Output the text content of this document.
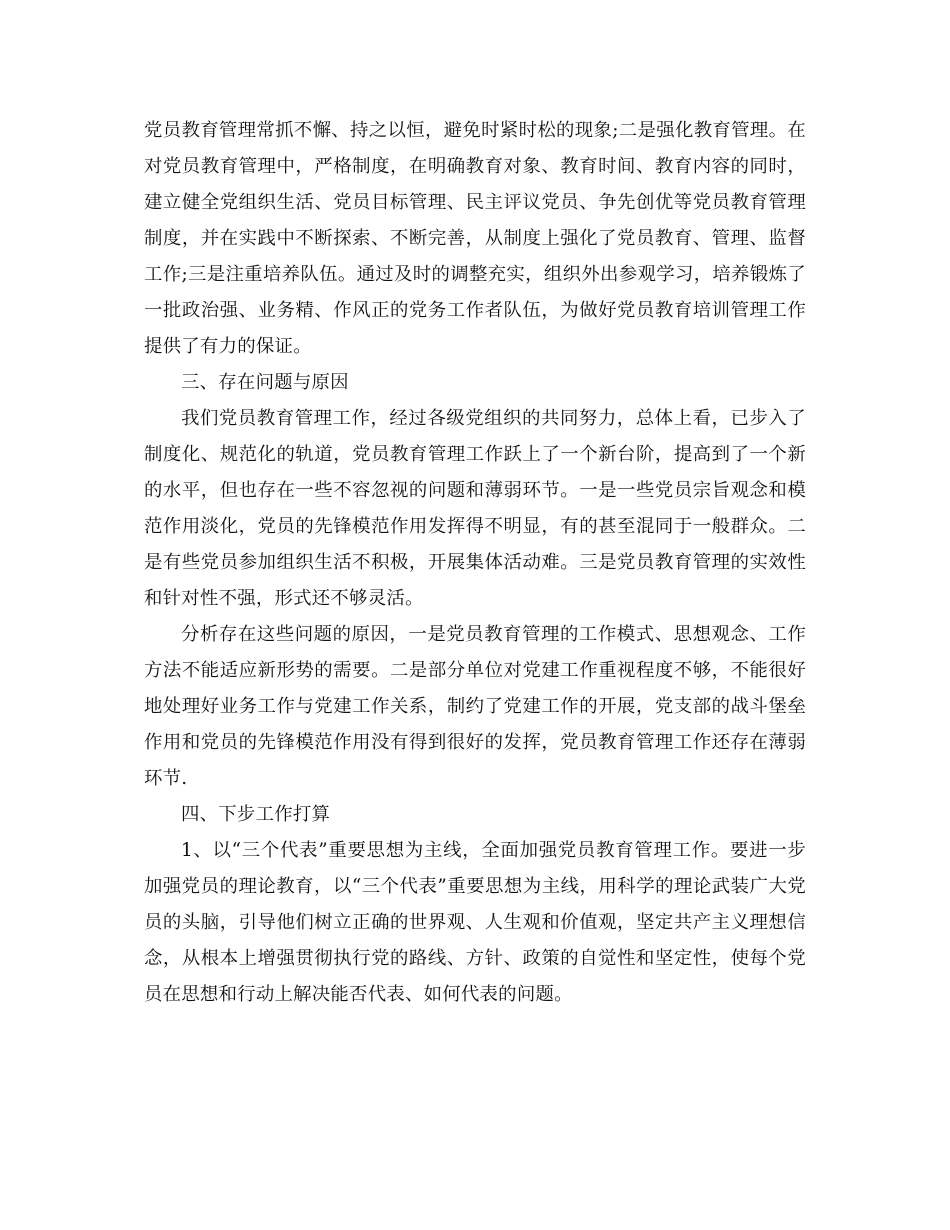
党员教育管理常抓不懈、持之以恒，避免时紧时松的现象;二是强化教育管理。在对党员教育管理中，严格制度，在明确教育对象、教育时间、教育内容的同时，建立健全党组织生活、党员目标管理、民主评议党员、争先创优等党员教育管理制度，并在实践中不断探索、不断完善，从制度上强化了党员教育、管理、监督工作;三是注重培养队伍。通过及时的调整充实，组织外出参观学习，培养锻炼了一批政治强、业务精、作风正的党务工作者队伍，为做好党员教育培训管理工作提供了有力的保证。

三、存在问题与原因

我们党员教育管理工作，经过各级党组织的共同努力，总体上看，已步入了制度化、规范化的轨道，党员教育管理工作跃上了一个新台阶，提高到了一个新的水平，但也存在一些不容忽视的问题和薄弱环节。一是一些党员宗旨观念和模范作用淡化，党员的先锋模范作用发挥得不明显，有的甚至混同于一般群众。二是有些党员参加组织生活不积极，开展集体活动难。三是党员教育管理的实效性和针对性不强，形式还不够灵活。

分析存在这些问题的原因，一是党员教育管理的工作模式、思想观念、工作方法不能适应新形势的需要。二是部分单位对党建工作重视程度不够，不能很好地处理好业务工作与党建工作关系，制约了党建工作的开展，党支部的战斗堡垒作用和党员的先锋模范作用没有得到很好的发挥，党员教育管理工作还存在薄弱环节.

四、下步工作打算

1、以“三个代表”重要思想为主线，全面加强党员教育管理工作。要进一步加强党员的理论教育，以“三个代表”重要思想为主线，用科学的理论武装广大党员的头脑，引导他们树立正确的世界观、人生观和价值观，坚定共产主义理想信念，从根本上增强贯彻执行党的路线、方针、政策的自觉性和坚定性，使每个党员在思想和行动上解决能否代表、如何代表的问题。
